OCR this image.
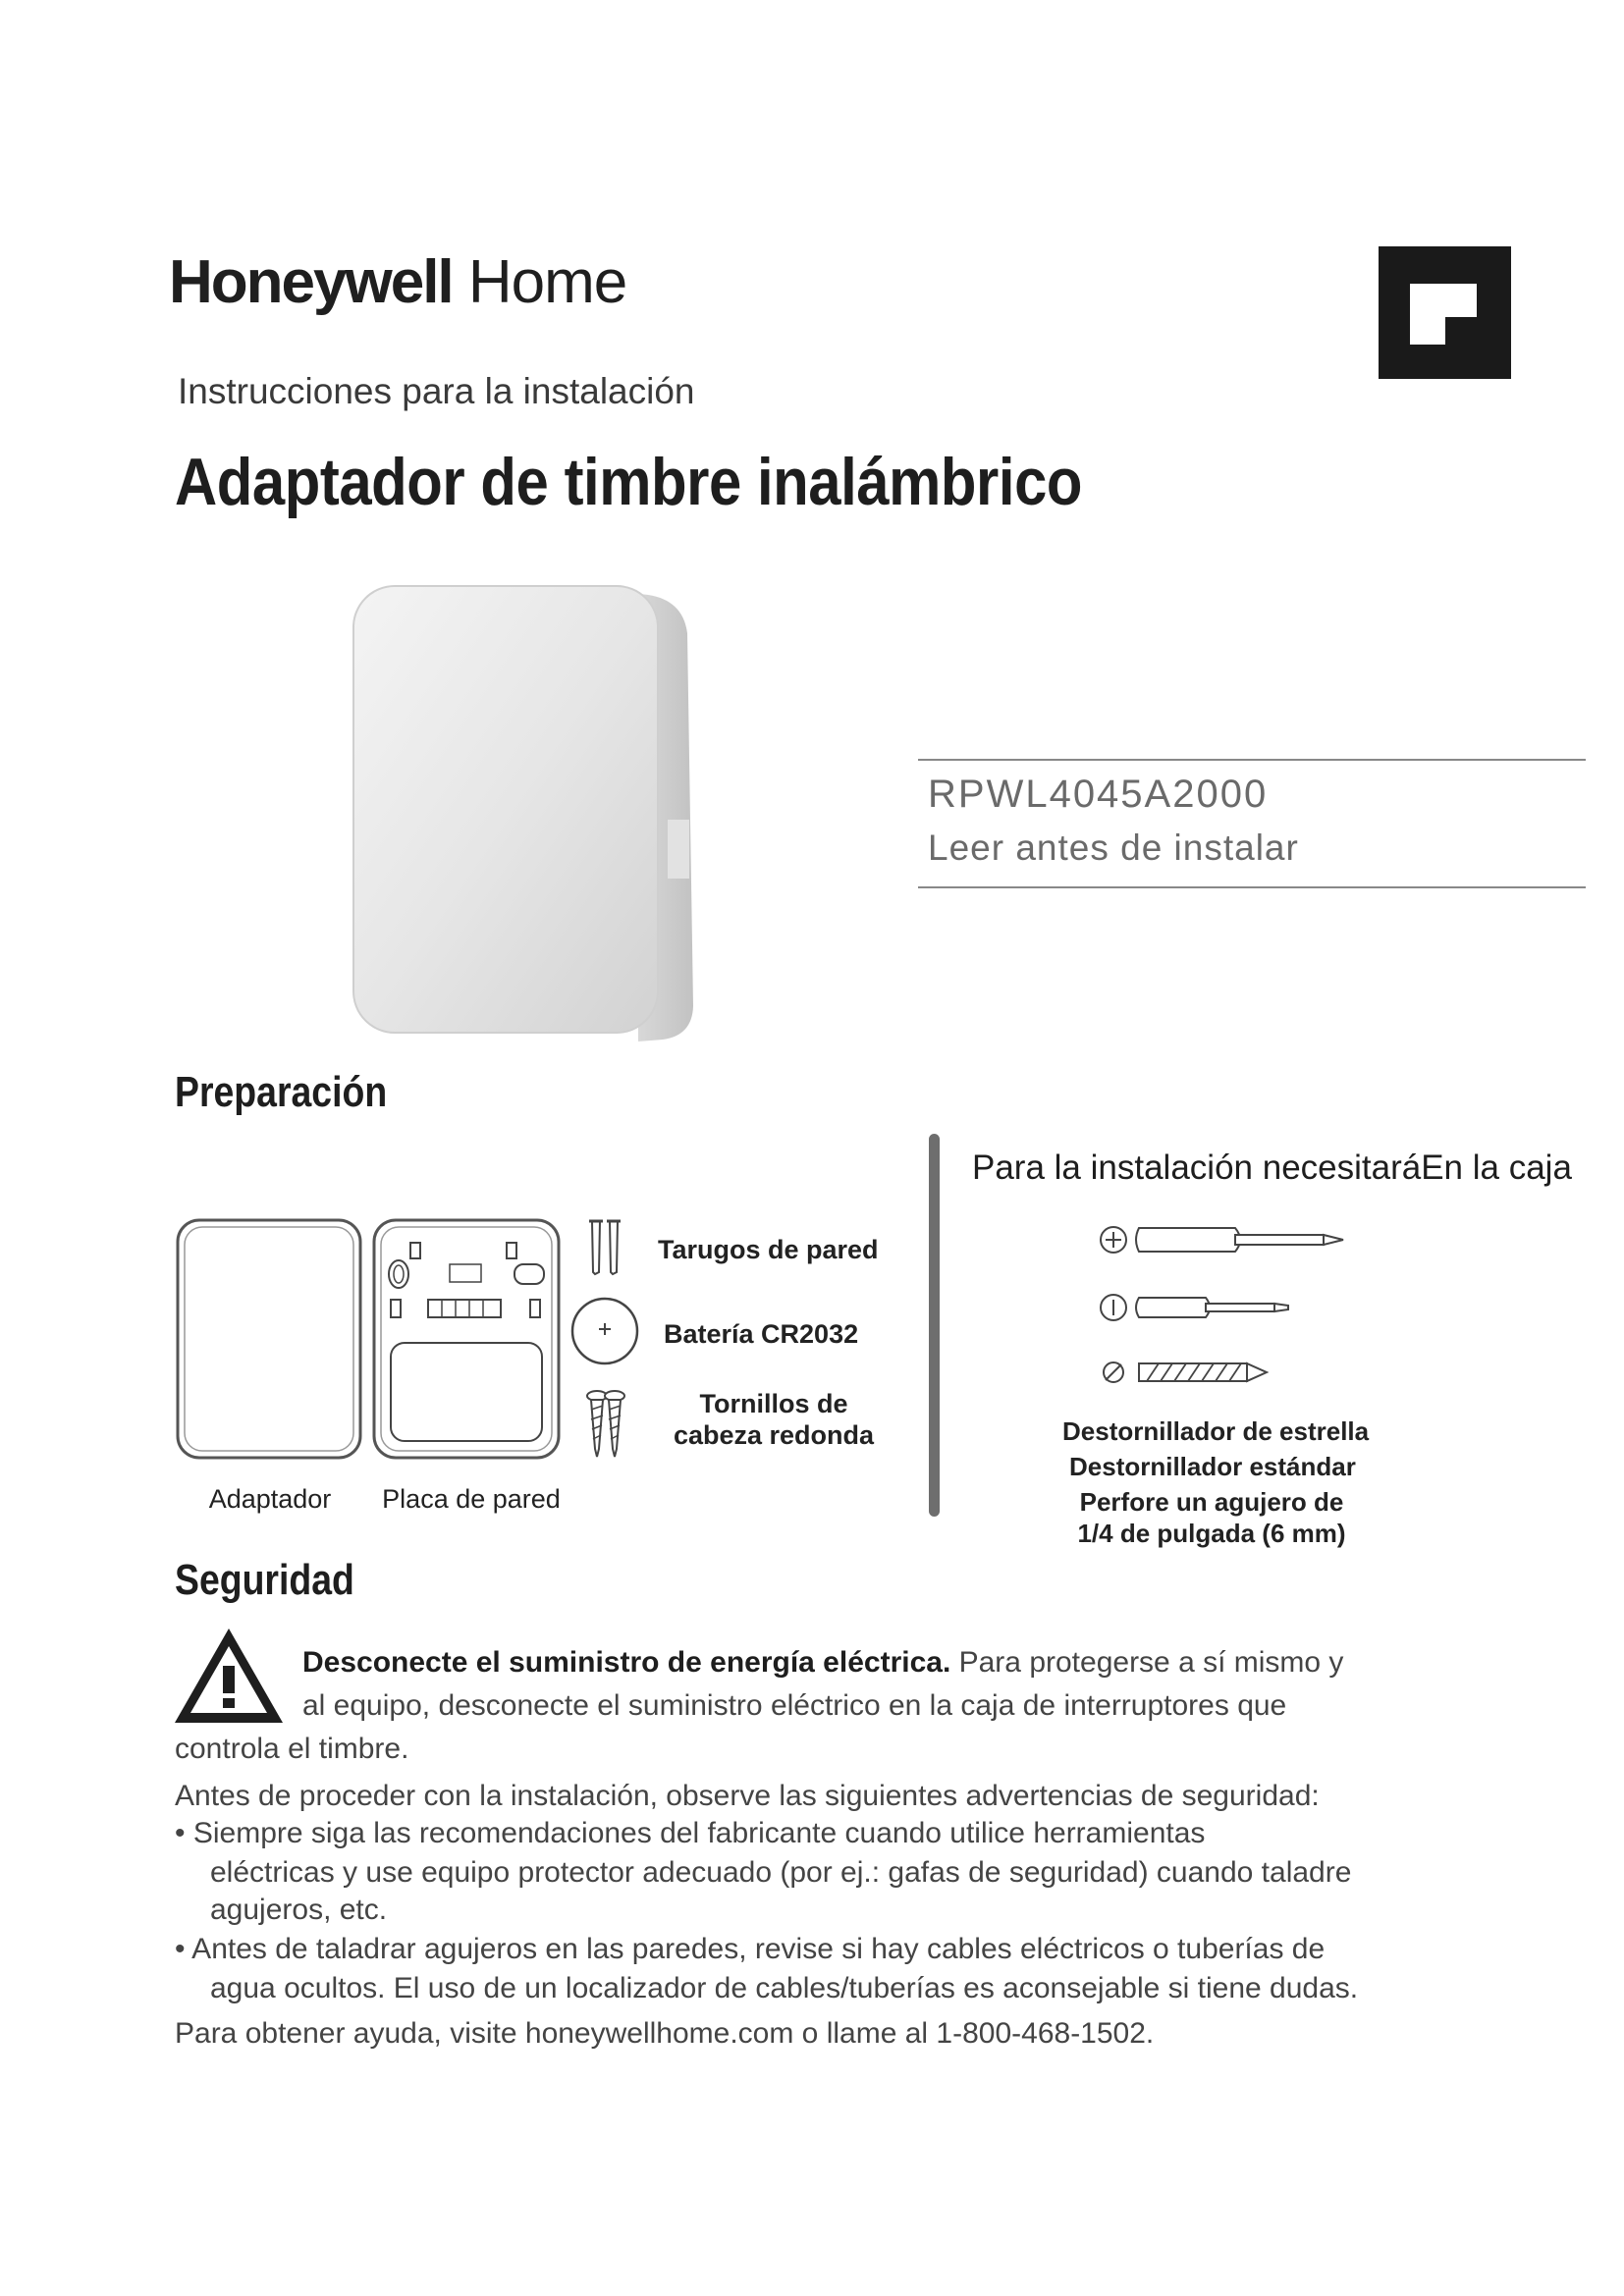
Honeywell Home
Instrucciones para la instalación
Adaptador de timbre inalámbrico
RPWL4045A2000
Leer antes de instalar
Preparación
Tarugos de pared
Batería CR2032
Tornillos de
cabeza redonda
Adaptador	Placa de pared
Para la instalación necesitaráEn la caja
Destornillador de estrella
Destornillador estándar
Perfore un agujero de
1/4 de pulgada (6 mm)
Seguridad
Desconecte el suministro de energía eléctrica. Para protegerse a sí mismo y
al equipo, desconecte el suministro eléctrico en la caja de interruptores que
controla el timbre.
Antes de proceder con la instalación, observe las siguientes advertencias de seguridad:
• Siempre siga las recomendaciones del fabricante cuando utilice herramientas
eléctricas y use equipo protector adecuado (por ej.: gafas de seguridad) cuando taladre
agujeros, etc.
• Antes de taladrar agujeros en las paredes, revise si hay cables eléctricos o tuberías de
agua ocultos. El uso de un localizador de cables/tuberías es aconsejable si tiene dudas.
Para obtener ayuda, visite honeywellhome.com o llame al 1-800-468-1502.
